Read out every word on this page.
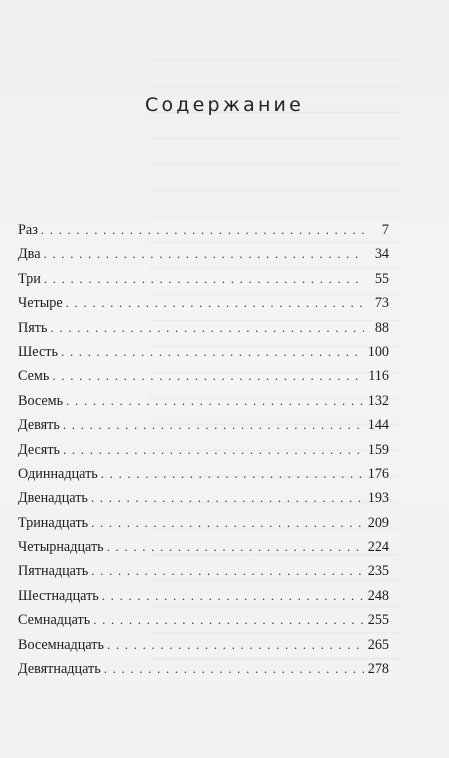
Содержание
Раз . . .	7
Два . . .	34
Три . . .	55
Четыре . . .	73
Пять . . .	88
Шесть . . .	100
Семь . . .	116
Восемь . . .	132
Девять . . .	144
Десять . . .	159
Одиннадцать . . .	176
Двенадцать . . .	193
Тринадцать . . .	209
Четырнадцать . . .	224
Пятнадцать . . .	235
Шестнадцать . . .	248
Семнадцать . . .	255
Восемнадцать . . .	265
Девятнадцать . . .	278
